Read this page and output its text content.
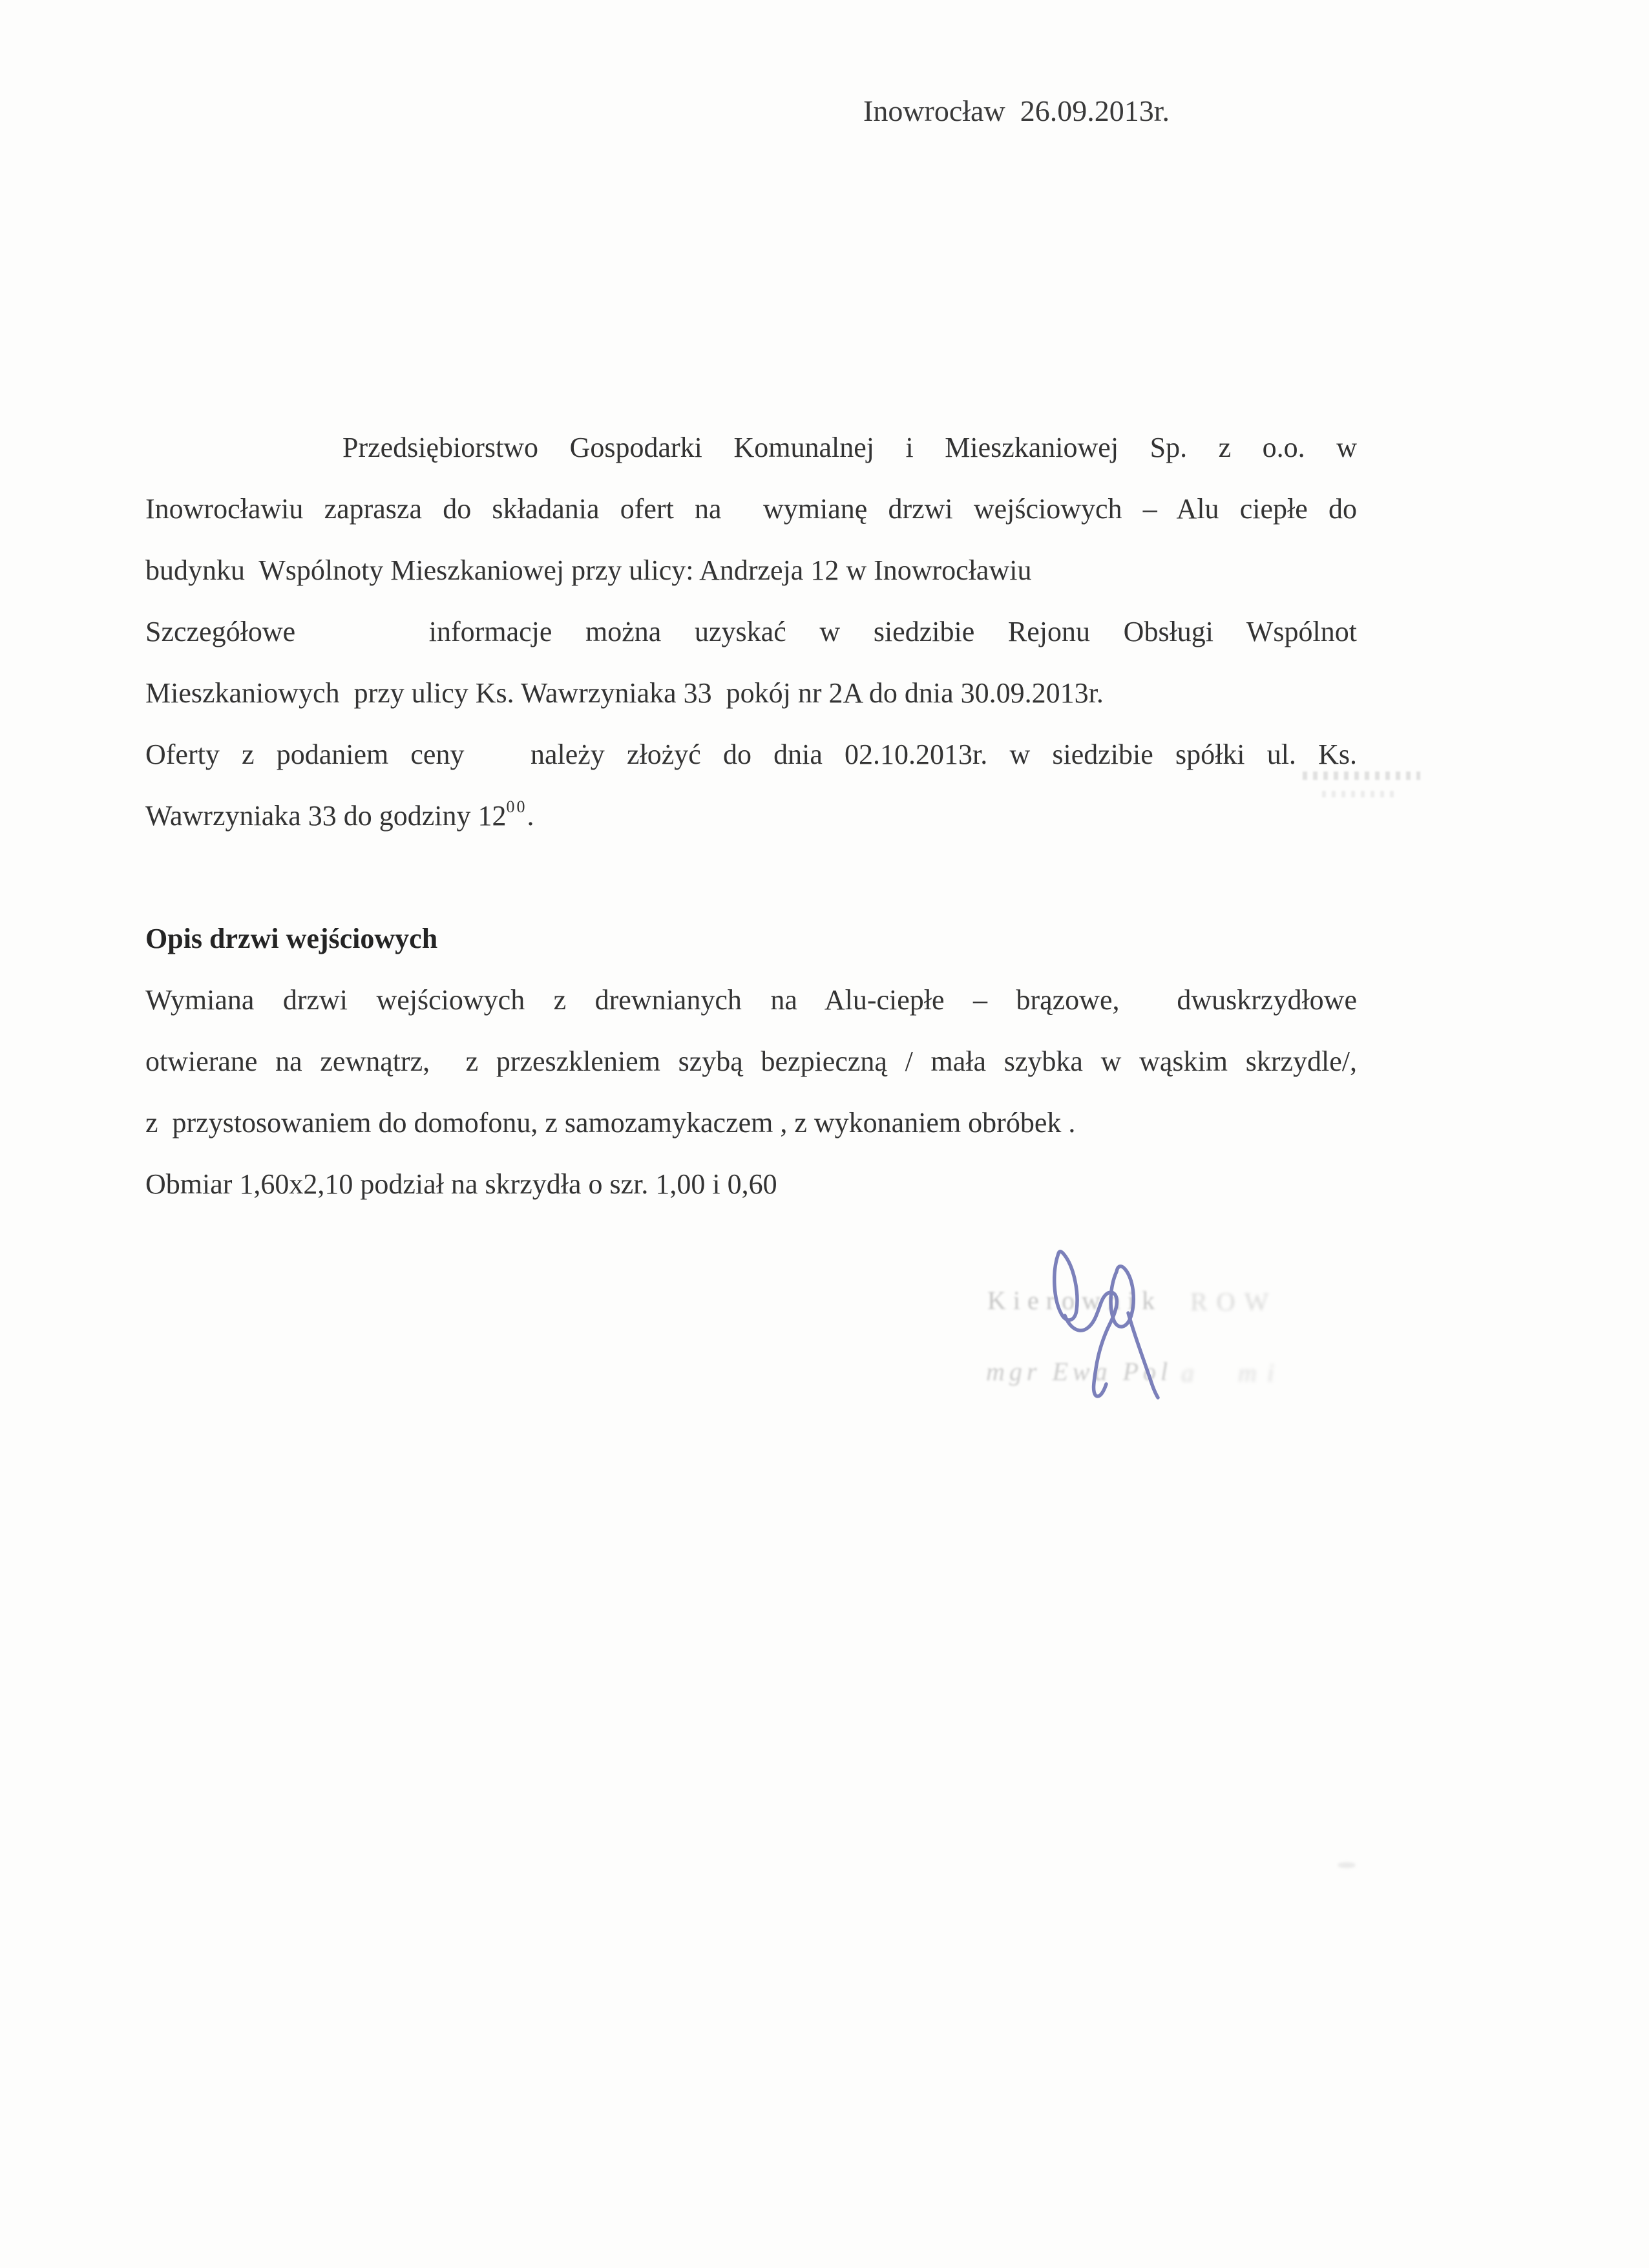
Inowrocław  26.09.2013r.
Przedsiębiorstwo Gospodarki Komunalnej i Mieszkaniowej Sp. z o.o. w
Inowrocławiu zaprasza do składania ofert na  wymianę drzwi wejściowych – Alu ciepłe do
budynku  Wspólnoty Mieszkaniowej przy ulicy: Andrzeja 12 w Inowrocławiu
Szczegółowe    informacje można uzyskać w siedzibie Rejonu Obsługi Wspólnot
Mieszkaniowych  przy ulicy Ks. Wawrzyniaka 33  pokój nr 2A do dnia 30.09.2013r.
Oferty z podaniem ceny   należy złożyć do dnia 02.10.2013r. w siedzibie spółki ul. Ks.
Wawrzyniaka 33 do godziny $12^{00}$.

Opis drzwi wejściowych
Wymiana drzwi wejściowych z drewnianych na Alu-ciepłe – brązowe,  dwuskrzydłowe
otwierane na zewnątrz,  z przeszkleniem szybą bezpieczną / mała szybka w wąskim skrzydle/,
z  przystosowaniem do domofonu, z samozamykaczem , z wykonaniem obróbek .
Obmiar 1,60x2,10 podział na skrzydła o szr. 1,00 i 0,60
Kierownik ROW
mgr Ewa Pol a  mi
